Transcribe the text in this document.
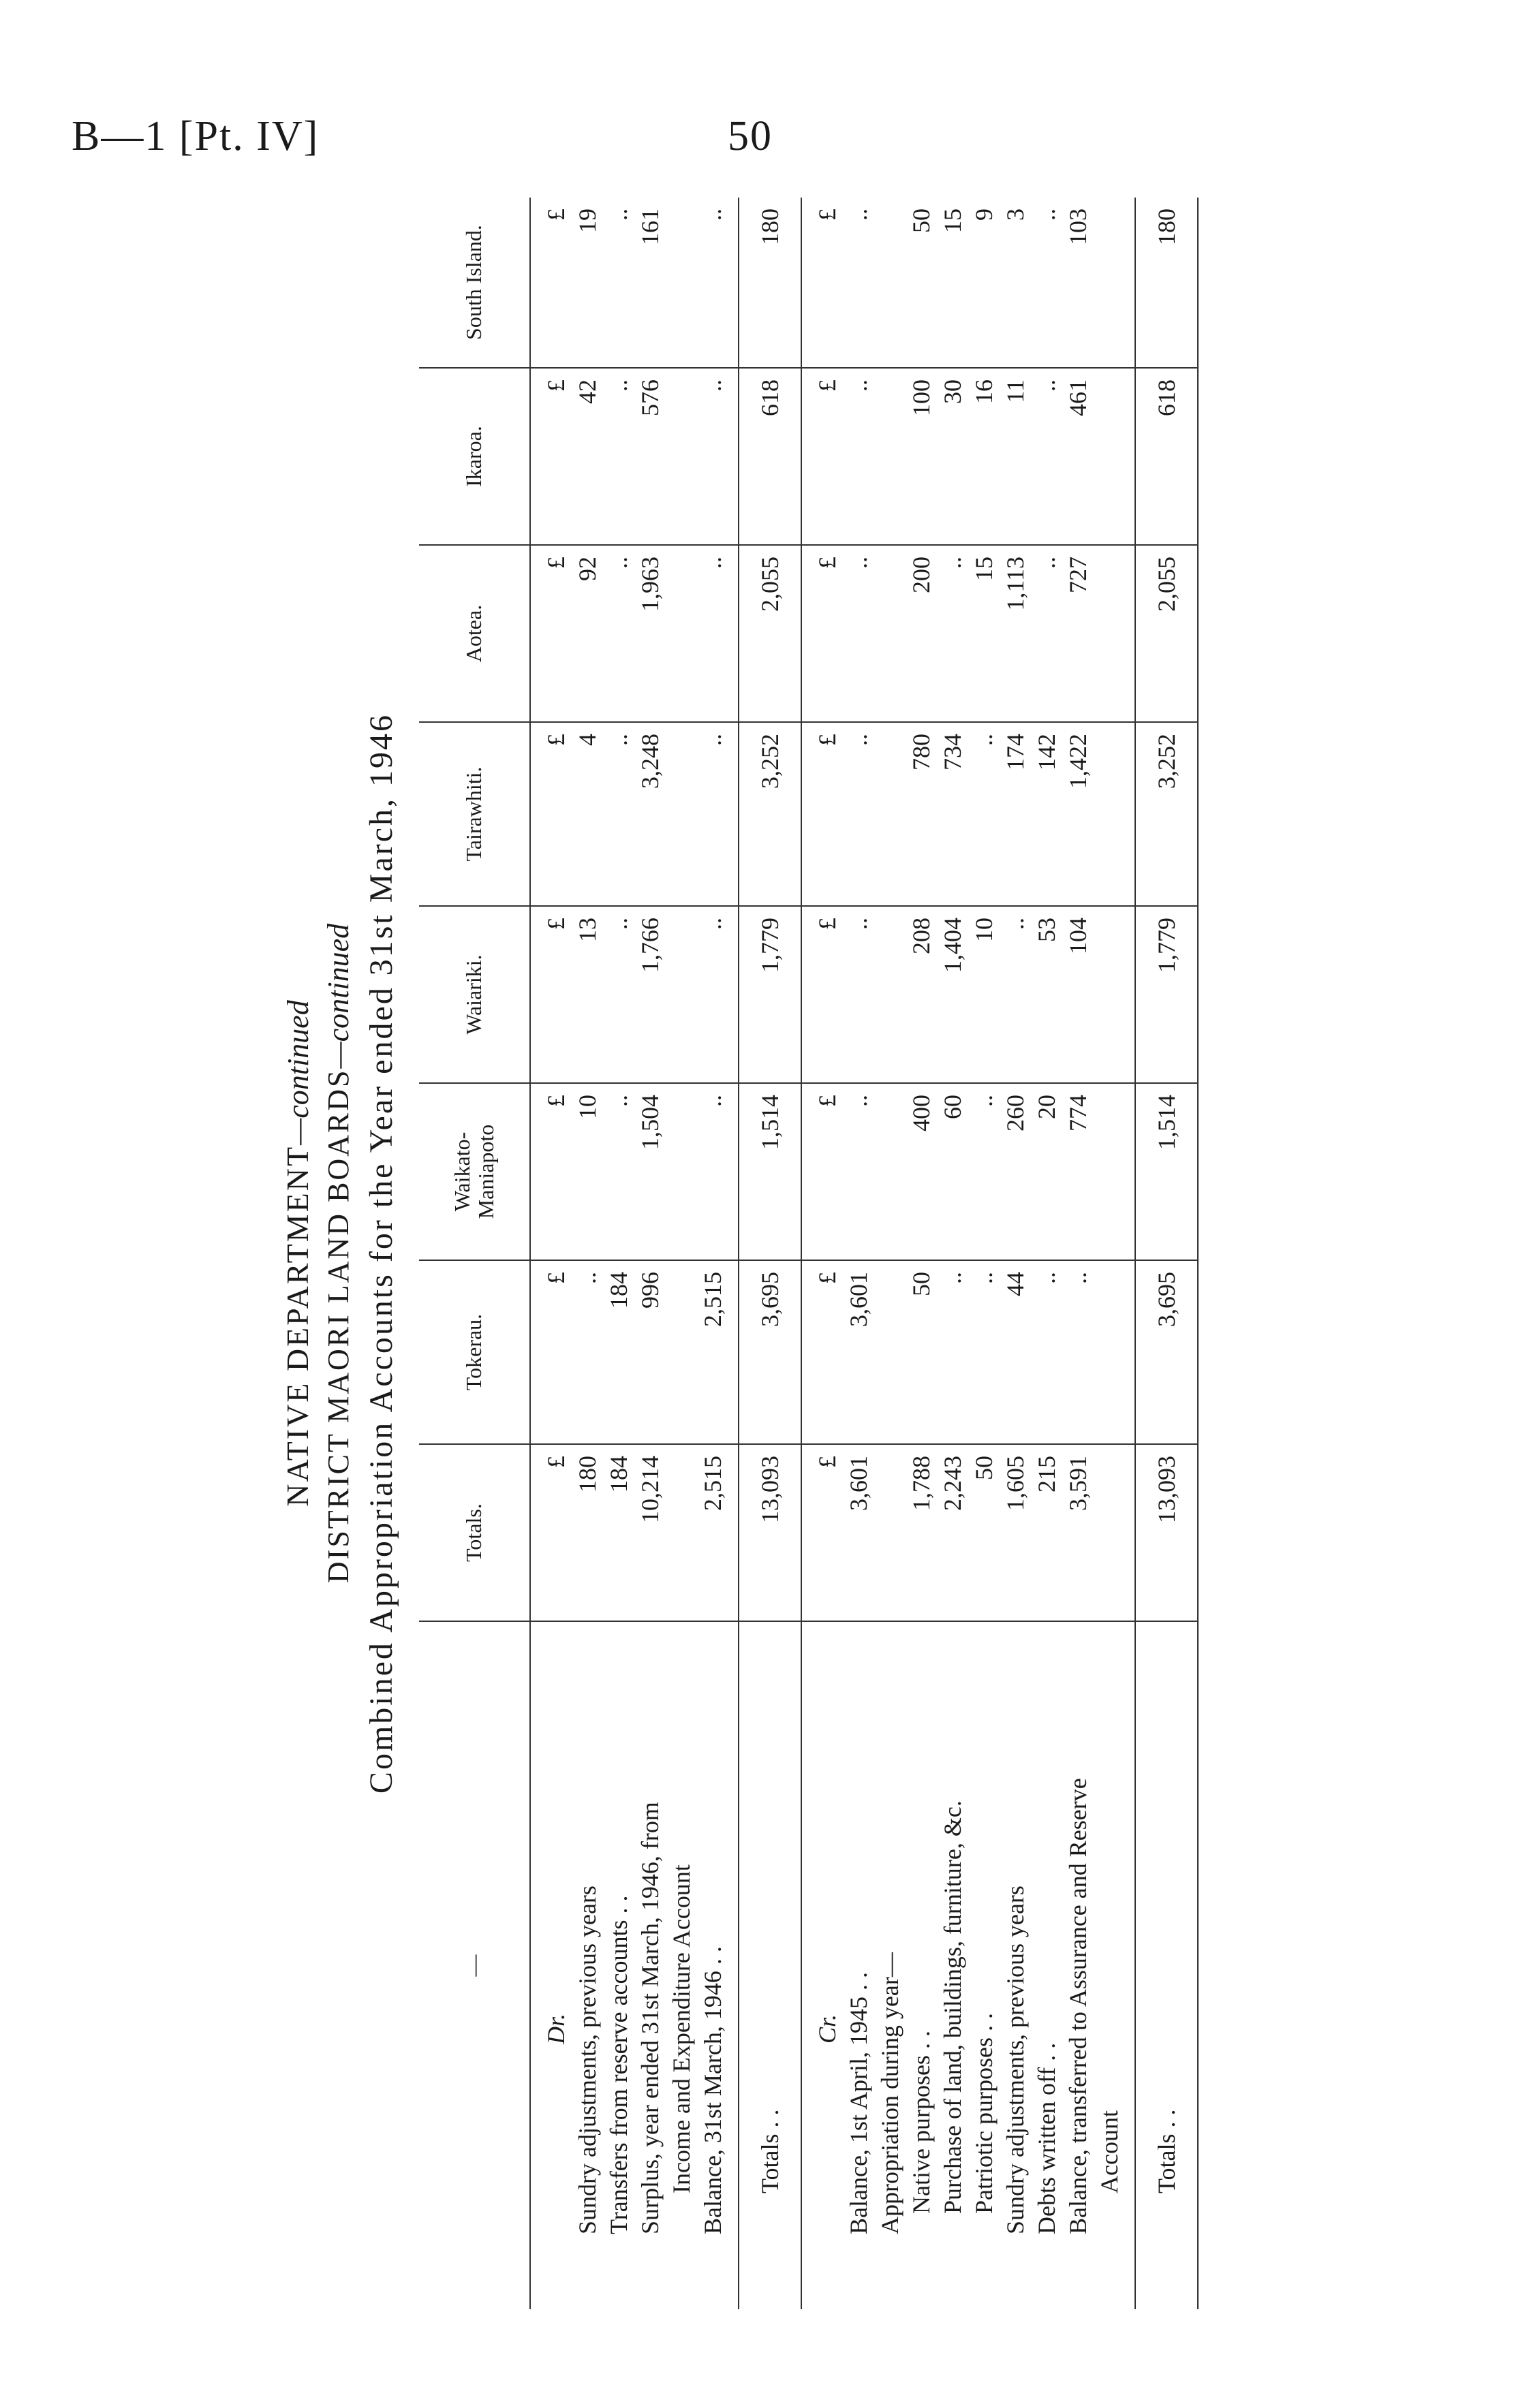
B—1 [Pt. IV]	50
NATIVE DEPARTMENT—continued DISTRICT MAORI LAND BOARDS—continued Combined Appropriation Accounts for the Year ended 31st March, 1946
—	Totals.	Tokerau.	Waikato-Maniapoto	Waiariki.	Tairawhiti.	Aotea.	Ikaroa.	South Island.

Dr.	£	£	£	£	£	£	£	£
Sundry adjustments, previous years	180	..	10	13	4	92	42	19
Transfers from reserve accounts . .	184	184	..	..	..	..	..	..
Surplus, year ended 31st March, 1946, from	10,214	996	1,504	1,766	3,248	1,963	576	161
Income and Expenditure Account								
Balance, 31st March, 1946 . .	2,515	2,515	..	..	..	..	..	..
Totals . .	13,093	3,695	1,514	1,779	3,252	2,055	618	180

Cr.	£	£	£	£	£	£	£	£
Balance, 1st April, 1945 . .	3,601	3,601	..	..	..	..	..	..
Appropriation during year—								
Native purposes . .	1,788	50	400	208	780	200	100	50
Purchase of land, buildings, furniture, &c.	2,243	..	60	1,404	734	..	30	15
Patriotic purposes . .	50	..	..	10	..	15	16	9
Sundry adjustments, previous years	1,605	44	260	..	174	1,113	11	3
Debts written off . .	215	..	20	53	142	..	..	..
Balance, transferred to Assurance and Reserve	3,591	..	774	104	1,422	727	461	103
Account								
Totals . .	13,093	3,695	1,514	1,779	3,252	2,055	618	180
